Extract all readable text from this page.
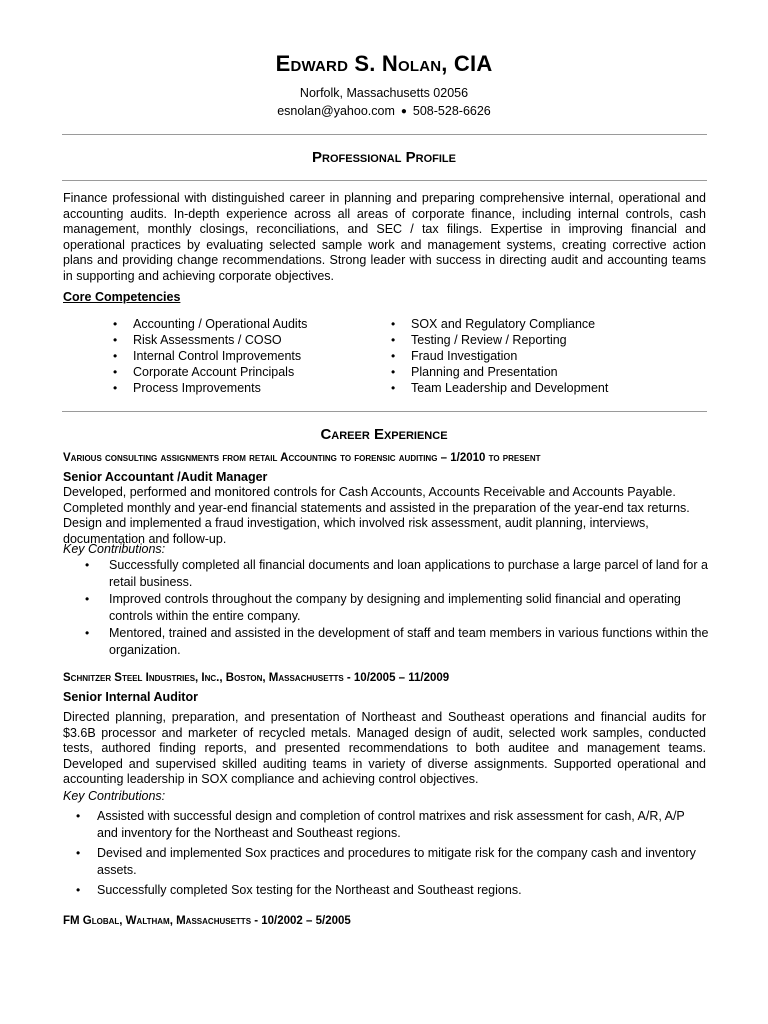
Edward S. Nolan, CIA
Norfolk, Massachusetts 02056
esnolan@yahoo.com ● 508-528-6626
Professional Profile
Finance professional with distinguished career in planning and preparing comprehensive internal, operational and accounting audits. In-depth experience across all areas of corporate finance, including internal controls, cash management, monthly closings, reconciliations, and SEC / tax filings. Expertise in improving financial and operational practices by evaluating selected sample work and management systems, creating corrective action plans and providing change recommendations. Strong leader with success in directing audit and accounting teams in supporting and achieving corporate objectives.
Core Competencies
• Accounting / Operational Audits
• Risk Assessments / COSO
• Internal Control Improvements
• Corporate Account Principals
• Process Improvements
• SOX and Regulatory Compliance
• Testing / Review / Reporting
• Fraud Investigation
• Planning and Presentation
• Team Leadership and Development
Career Experience
Various consulting assignments from retail Accounting to forensic auditing – 1/2010 to present
Senior Accountant /Audit Manager
Developed, performed and monitored controls for Cash Accounts, Accounts Receivable and Accounts Payable. Completed monthly and year-end financial statements and assisted in the preparation of the year-end tax returns. Design and implemented a fraud investigation, which involved risk assessment, audit planning, interviews, documentation and follow-up.
Key Contributions:
• Successfully completed all financial documents and loan applications to purchase a large parcel of land for a retail business.
• Improved controls throughout the company by designing and implementing solid financial and operating controls within the entire company.
• Mentored, trained and assisted in the development of staff and team members in various functions within the organization.
Schnitzer Steel Industries, Inc., Boston, Massachusetts - 10/2005 – 11/2009
Senior Internal Auditor
Directed planning, preparation, and presentation of Northeast and Southeast operations and financial audits for $3.6B processor and marketer of recycled metals. Managed design of audit, selected work samples, conducted tests, authored finding reports, and presented recommendations to both auditee and management teams. Developed and supervised skilled auditing teams in variety of diverse assignments. Supported operational and accounting leadership in SOX compliance and achieving control objectives.
Key Contributions:
• Assisted with successful design and completion of control matrixes and risk assessment for cash, A/R, A/P and inventory for the Northeast and Southeast regions.
• Devised and implemented Sox practices and procedures to mitigate risk for the company cash and inventory assets.
• Successfully completed Sox testing for the Northeast and Southeast regions.
FM Global, Waltham, Massachusetts - 10/2002 – 5/2005
